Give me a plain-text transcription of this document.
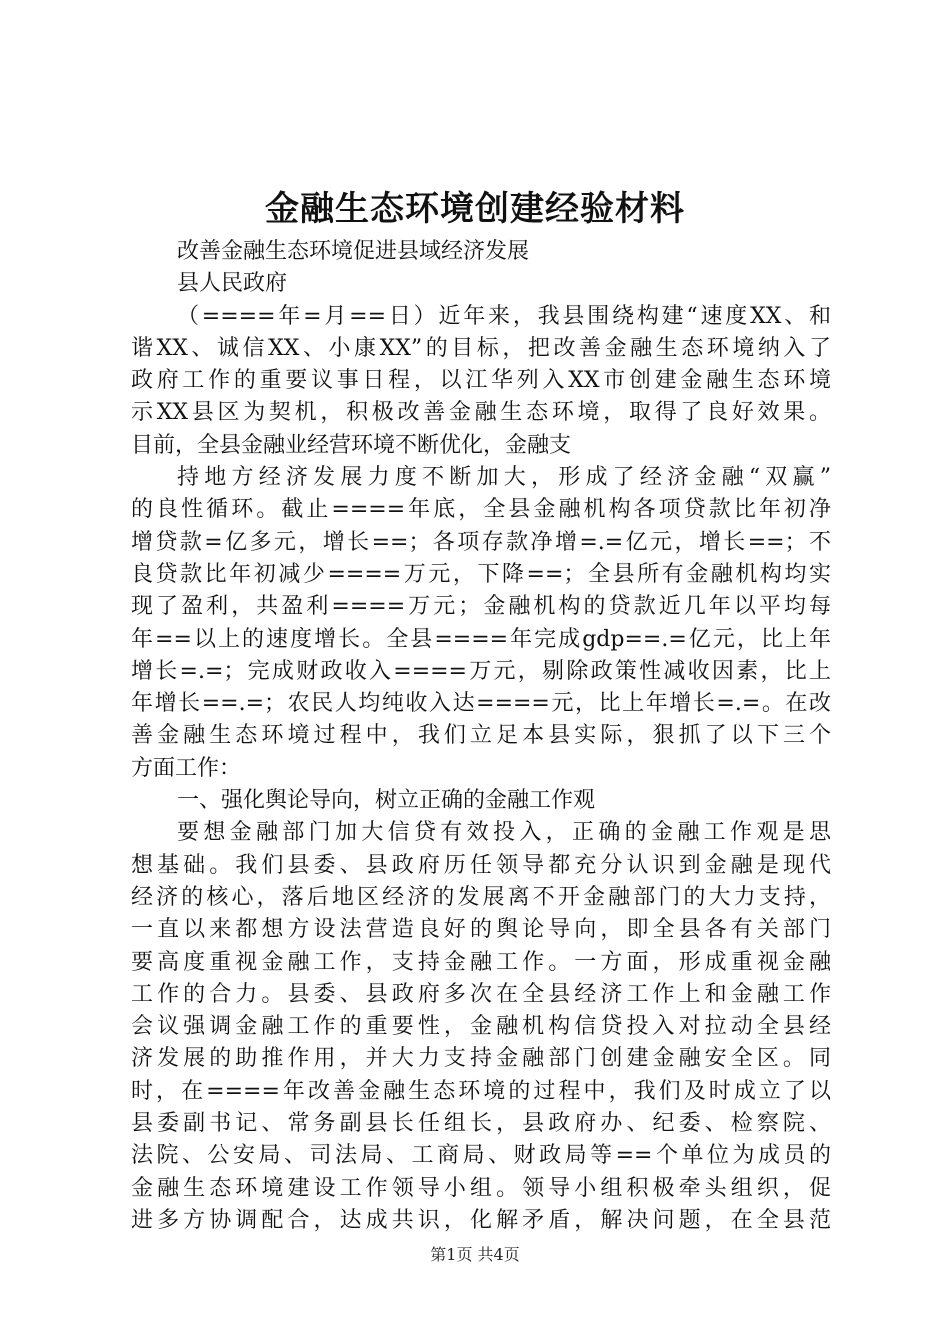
金融生态环境创建经验材料
改善金融生态环境促进县域经济发展
县人民政府
（====年=月==日）近年来，我县围绕构建“速度XX、和
谐XX、诚信XX、小康XX”的目标，把改善金融生态环境纳入了
政府工作的重要议事日程，以江华列入XX市创建金融生态环境
示XX县区为契机，积极改善金融生态环境，取得了良好效果。
目前，全县金融业经营环境不断优化，金融支
持地方经济发展力度不断加大，形成了经济金融“双赢”
的良性循环。截止====年底，全县金融机构各项贷款比年初净
增贷款=亿多元，增长==；各项存款净增=.=亿元，增长==；不
良贷款比年初减少====万元，下降==；全县所有金融机构均实
现了盈利，共盈利====万元；金融机构的贷款近几年以平均每
年==以上的速度增长。全县====年完成gdp==.=亿元，比上年
增长=.=；完成财政收入====万元，剔除政策性减收因素，比上
年增长==.=；农民人均纯收入达====元，比上年增长=.=。在改
善金融生态环境过程中，我们立足本县实际，狠抓了以下三个
方面工作：
一、强化舆论导向，树立正确的金融工作观
要想金融部门加大信贷有效投入，正确的金融工作观是思
想基础。我们县委、县政府历任领导都充分认识到金融是现代
经济的核心，落后地区经济的发展离不开金融部门的大力支持，
一直以来都想方设法营造良好的舆论导向，即全县各有关部门
要高度重视金融工作，支持金融工作。一方面，形成重视金融
工作的合力。县委、县政府多次在全县经济工作上和金融工作
会议强调金融工作的重要性，金融机构信贷投入对拉动全县经
济发展的助推作用，并大力支持金融部门创建金融安全区。同
时，在====年改善金融生态环境的过程中，我们及时成立了以
县委副书记、常务副县长任组长，县政府办、纪委、检察院、
法院、公安局、司法局、工商局、财政局等==个单位为成员的
金融生态环境建设工作领导小组。领导小组积极牵头组织，促
进多方协调配合，达成共识，化解矛盾，解决问题，在全县范
第1页 共4页
